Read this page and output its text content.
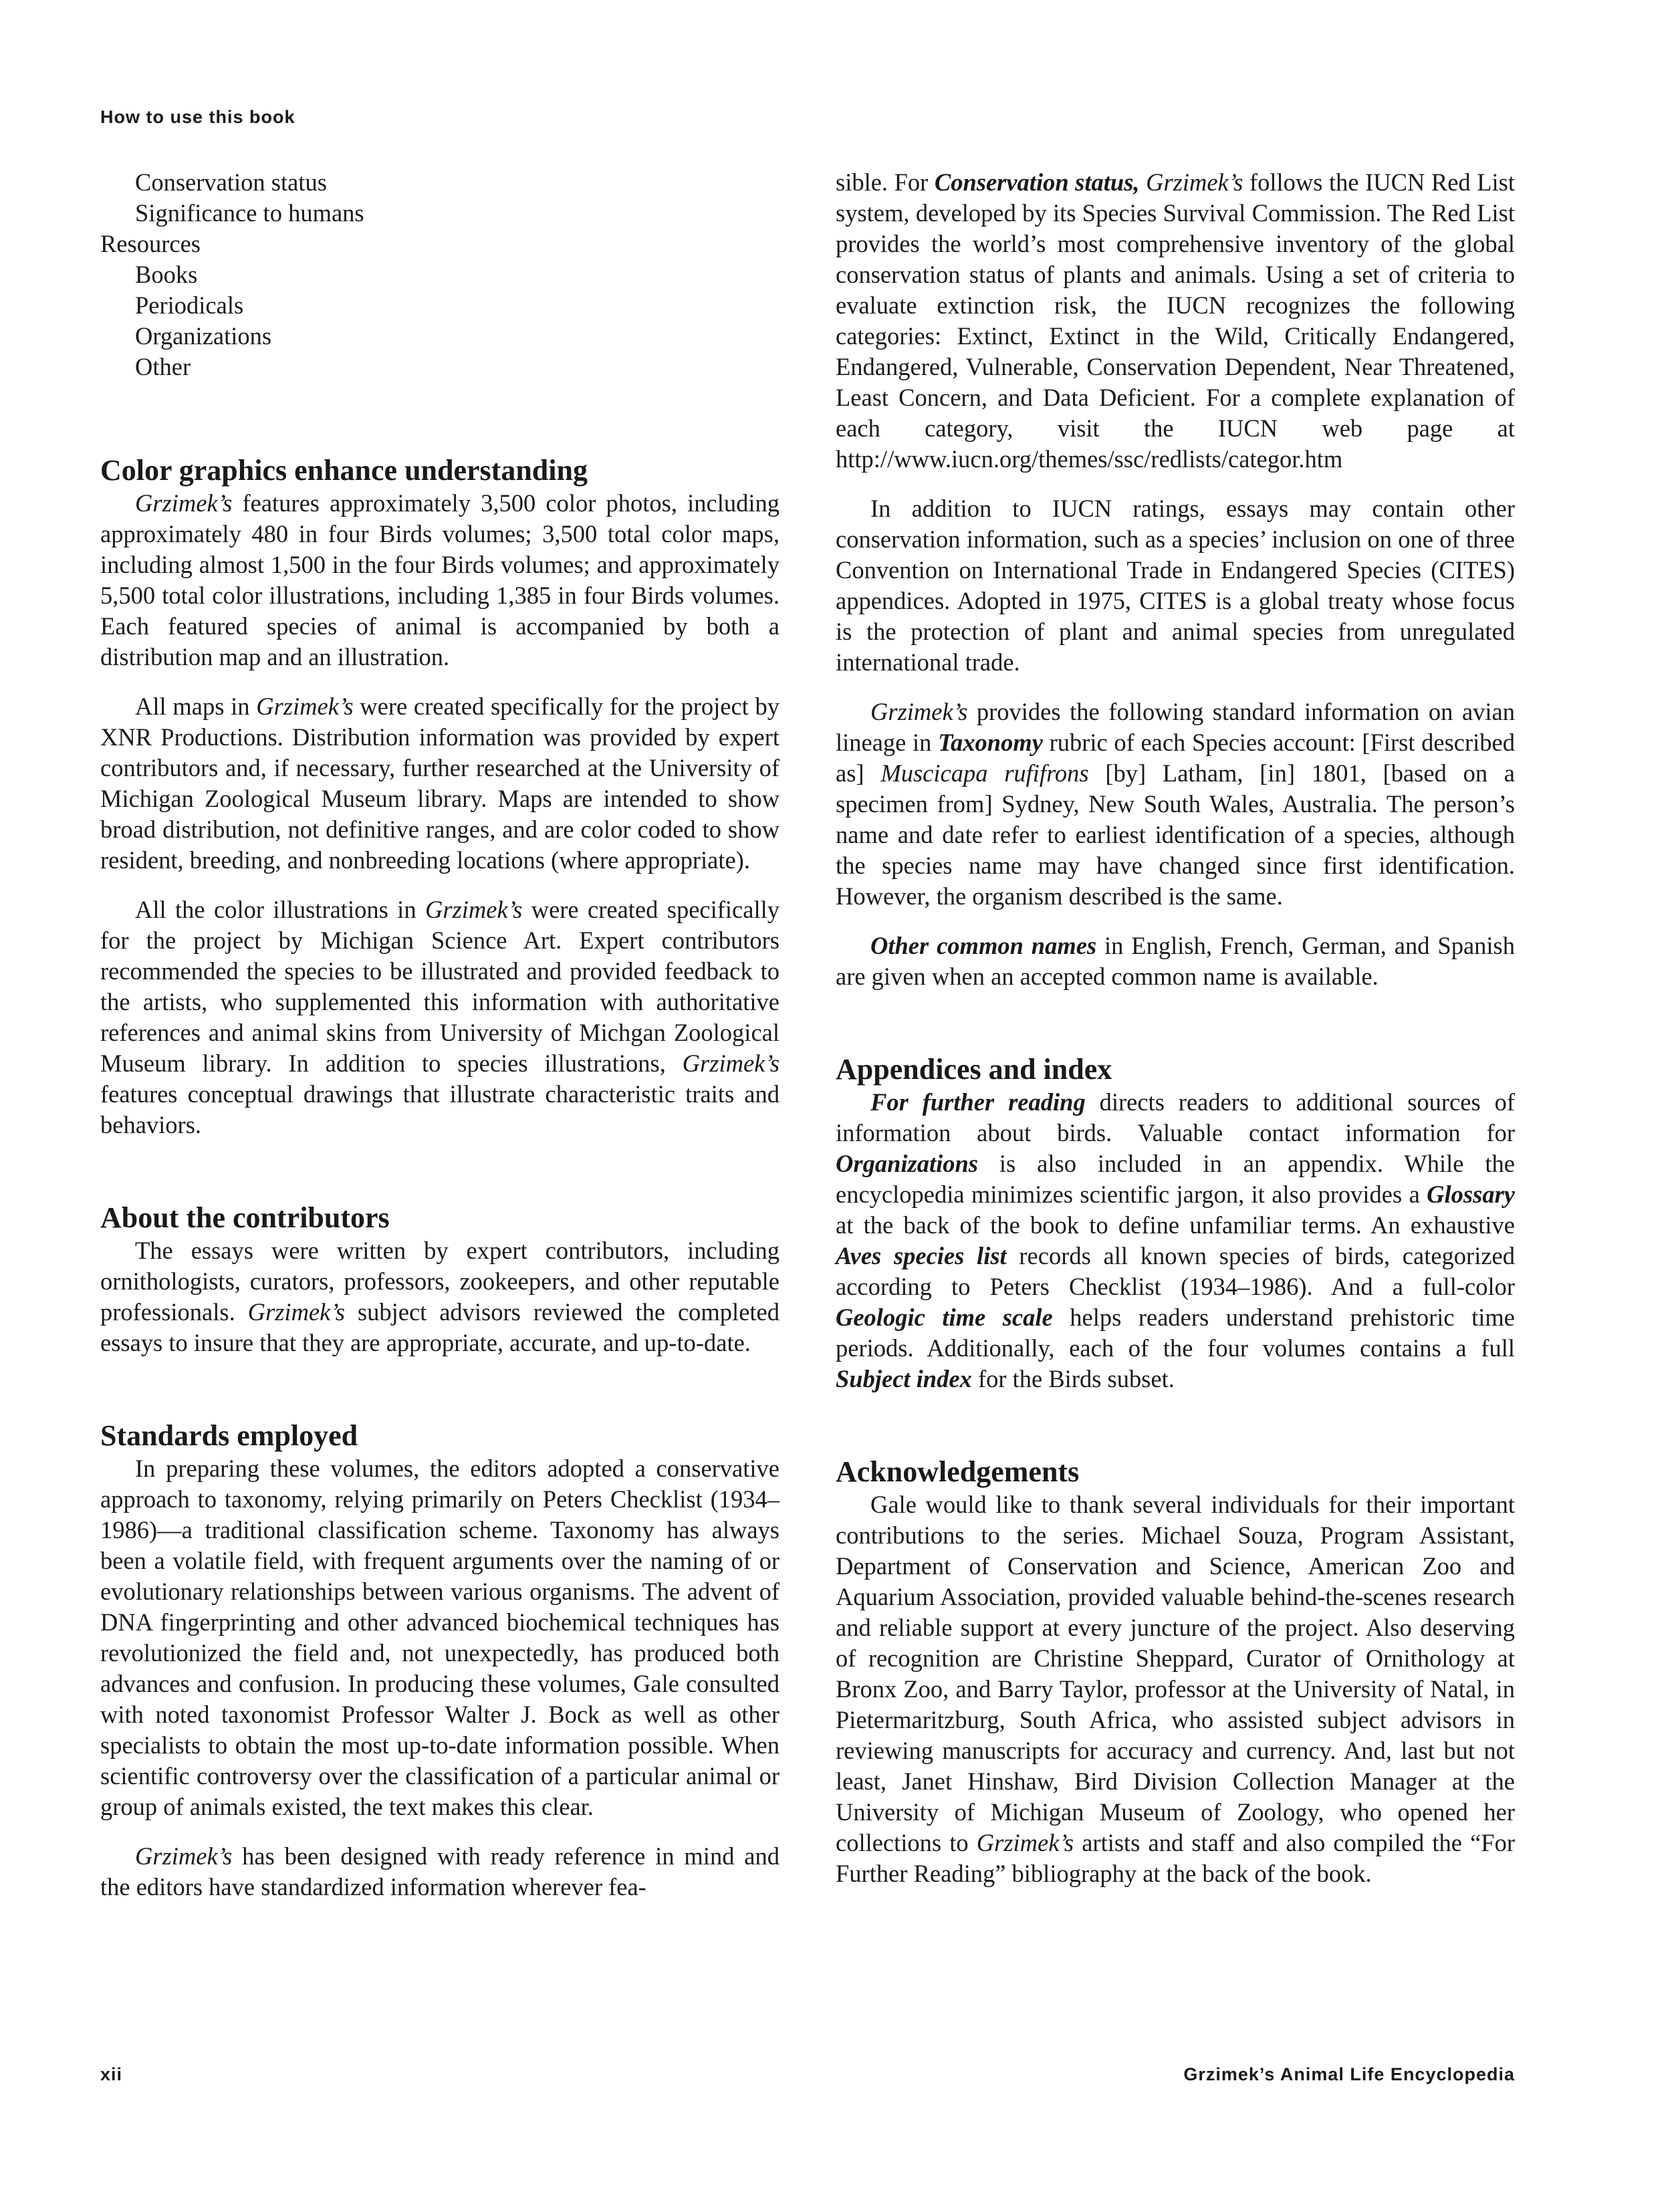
How to use this book
Conservation status
Significance to humans
Resources
Books
Periodicals
Organizations
Other
Color graphics enhance understanding

Grzimek’s features approximately 3,500 color photos, including approximately 480 in four Birds volumes; 3,500 total color maps, including almost 1,500 in the four Birds volumes; and approximately 5,500 total color illustrations, including 1,385 in four Birds volumes. Each featured species of animal is accompanied by both a distribution map and an illustration.

All maps in Grzimek’s were created specifically for the project by XNR Productions. Distribution information was provided by expert contributors and, if necessary, further researched at the University of Michigan Zoological Museum library. Maps are intended to show broad distribution, not definitive ranges, and are color coded to show resident, breeding, and nonbreeding locations (where appropriate).

All the color illustrations in Grzimek’s were created specifically for the project by Michigan Science Art. Expert contributors recommended the species to be illustrated and provided feedback to the artists, who supplemented this information with authoritative references and animal skins from University of Michgan Zoological Museum library. In addition to species illustrations, Grzimek’s features conceptual drawings that illustrate characteristic traits and behaviors.

About the contributors

The essays were written by expert contributors, including ornithologists, curators, professors, zookeepers, and other reputable professionals. Grzimek’s subject advisors reviewed the completed essays to insure that they are appropriate, accurate, and up-to-date.

Standards employed

In preparing these volumes, the editors adopted a conservative approach to taxonomy, relying primarily on Peters Checklist (1934–1986)—a traditional classification scheme. Taxonomy has always been a volatile field, with frequent arguments over the naming of or evolutionary relationships between various organisms. The advent of DNA fingerprinting and other advanced biochemical techniques has revolutionized the field and, not unexpectedly, has produced both advances and confusion. In producing these volumes, Gale consulted with noted taxonomist Professor Walter J. Bock as well as other specialists to obtain the most up-to-date information possible. When scientific controversy over the classification of a particular animal or group of animals existed, the text makes this clear.

Grzimek’s has been designed with ready reference in mind and the editors have standardized information wherever fea-

sible. For Conservation status, Grzimek’s follows the IUCN Red List system, developed by its Species Survival Commission. The Red List provides the world’s most comprehensive inventory of the global conservation status of plants and animals. Using a set of criteria to evaluate extinction risk, the IUCN recognizes the following categories: Extinct, Extinct in the Wild, Critically Endangered, Endangered, Vulnerable, Conservation Dependent, Near Threatened, Least Concern, and Data Deficient. For a complete explanation of each category, visit the IUCN web page at http://www.iucn.org/themes/ssc/redlists/categor.htm

In addition to IUCN ratings, essays may contain other conservation information, such as a species’ inclusion on one of three Convention on International Trade in Endangered Species (CITES) appendices. Adopted in 1975, CITES is a global treaty whose focus is the protection of plant and animal species from unregulated international trade.

Grzimek’s provides the following standard information on avian lineage in Taxonomy rubric of each Species account: [First described as] Muscicapa rufifrons [by] Latham, [in] 1801, [based on a specimen from] Sydney, New South Wales, Australia. The person’s name and date refer to earliest identification of a species, although the species name may have changed since first identification. However, the organism described is the same.

Other common names in English, French, German, and Spanish are given when an accepted common name is available.

Appendices and index

For further reading directs readers to additional sources of information about birds. Valuable contact information for Organizations is also included in an appendix. While the encyclopedia minimizes scientific jargon, it also provides a Glossary at the back of the book to define unfamiliar terms. An exhaustive Aves species list records all known species of birds, categorized according to Peters Checklist (1934–1986). And a full-color Geologic time scale helps readers understand prehistoric time periods. Additionally, each of the four volumes contains a full Subject index for the Birds subset.

Acknowledgements

Gale would like to thank several individuals for their important contributions to the series. Michael Souza, Program Assistant, Department of Conservation and Science, American Zoo and Aquarium Association, provided valuable behind-the-scenes research and reliable support at every juncture of the project. Also deserving of recognition are Christine Sheppard, Curator of Ornithology at Bronx Zoo, and Barry Taylor, professor at the University of Natal, in Pietermaritzburg, South Africa, who assisted subject advisors in reviewing manuscripts for accuracy and currency. And, last but not least, Janet Hinshaw, Bird Division Collection Manager at the University of Michigan Museum of Zoology, who opened her collections to Grzimek’s artists and staff and also compiled the “For Further Reading” bibliography at the back of the book.

xii	Grzimek’s Animal Life Encyclopedia
